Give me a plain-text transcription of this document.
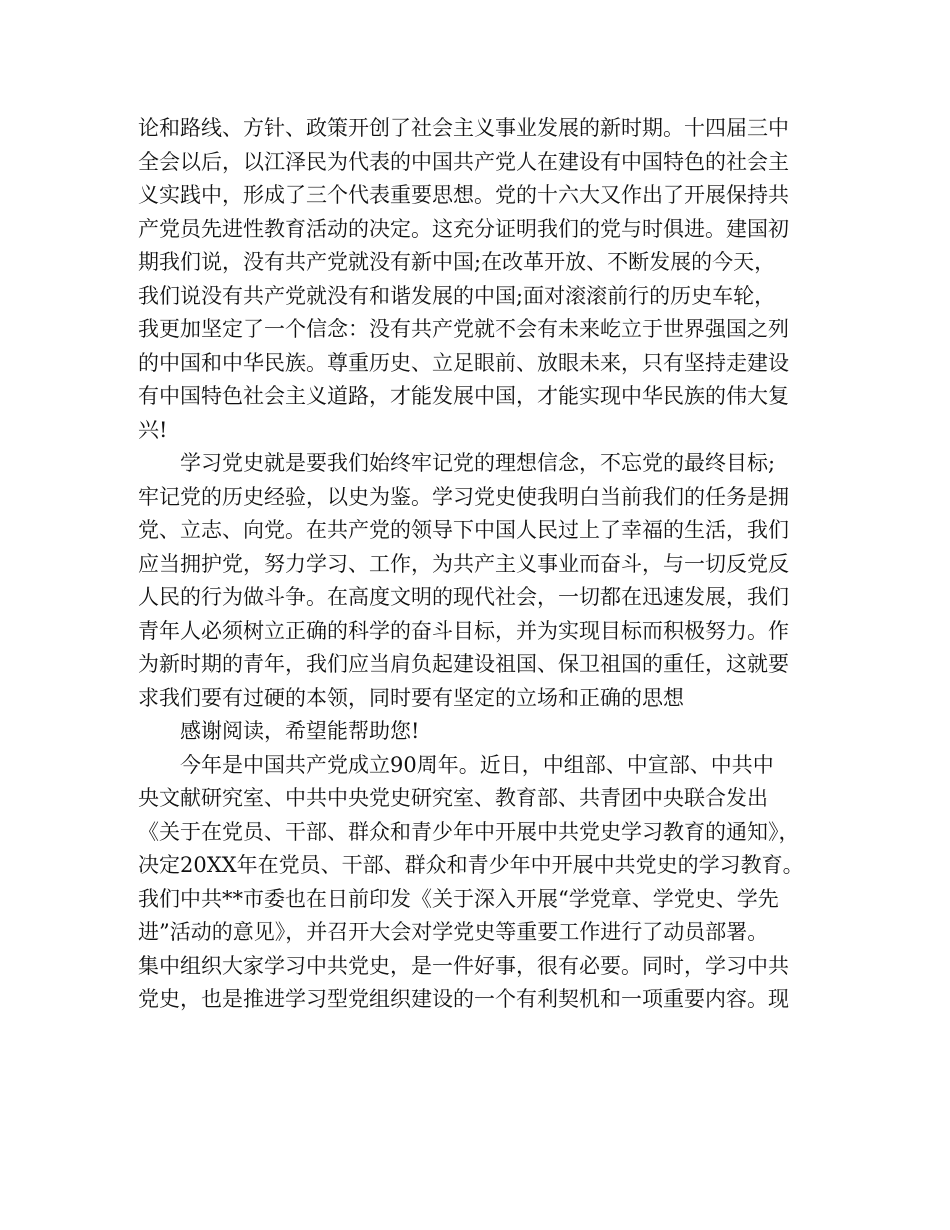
论和路线、方针、政策开创了社会主义事业发展的新时期。十四届三中
全会以后，以江泽民为代表的中国共产党人在建设有中国特色的社会主
义实践中，形成了三个代表重要思想。党的十六大又作出了开展保持共
产党员先进性教育活动的决定。这充分证明我们的党与时俱进。建国初
期我们说，没有共产党就没有新中国;在改革开放、不断发展的今天，
我们说没有共产党就没有和谐发展的中国;面对滚滚前行的历史车轮，
我更加坚定了一个信念：没有共产党就不会有未来屹立于世界强国之列
的中国和中华民族。尊重历史、立足眼前、放眼未来，只有坚持走建设
有中国特色社会主义道路，才能发展中国，才能实现中华民族的伟大复
兴!
学习党史就是要我们始终牢记党的理想信念，不忘党的最终目标;
牢记党的历史经验，以史为鉴。学习党史使我明白当前我们的任务是拥
党、立志、向党。在共产党的领导下中国人民过上了幸福的生活，我们
应当拥护党，努力学习、工作，为共产主义事业而奋斗，与一切反党反
人民的行为做斗争。在高度文明的现代社会，一切都在迅速发展，我们
青年人必须树立正确的科学的奋斗目标，并为实现目标而积极努力。作
为新时期的青年，我们应当肩负起建设祖国、保卫祖国的重任，这就要
求我们要有过硬的本领，同时要有坚定的立场和正确的思想
感谢阅读，希望能帮助您!
今年是中国共产党成立90周年。近日，中组部、中宣部、中共中
央文献研究室、中共中央党史研究室、教育部、共青团中央联合发出
《关于在党员、干部、群众和青少年中开展中共党史学习教育的通知》，
决定20XX年在党员、干部、群众和青少年中开展中共党史的学习教育。
我们中共**市委也在日前印发《关于深入开展“学党章、学党史、学先
进”活动的意见》，并召开大会对学党史等重要工作进行了动员部署。
集中组织大家学习中共党史，是一件好事，很有必要。同时，学习中共
党史，也是推进学习型党组织建设的一个有利契机和一项重要内容。现
